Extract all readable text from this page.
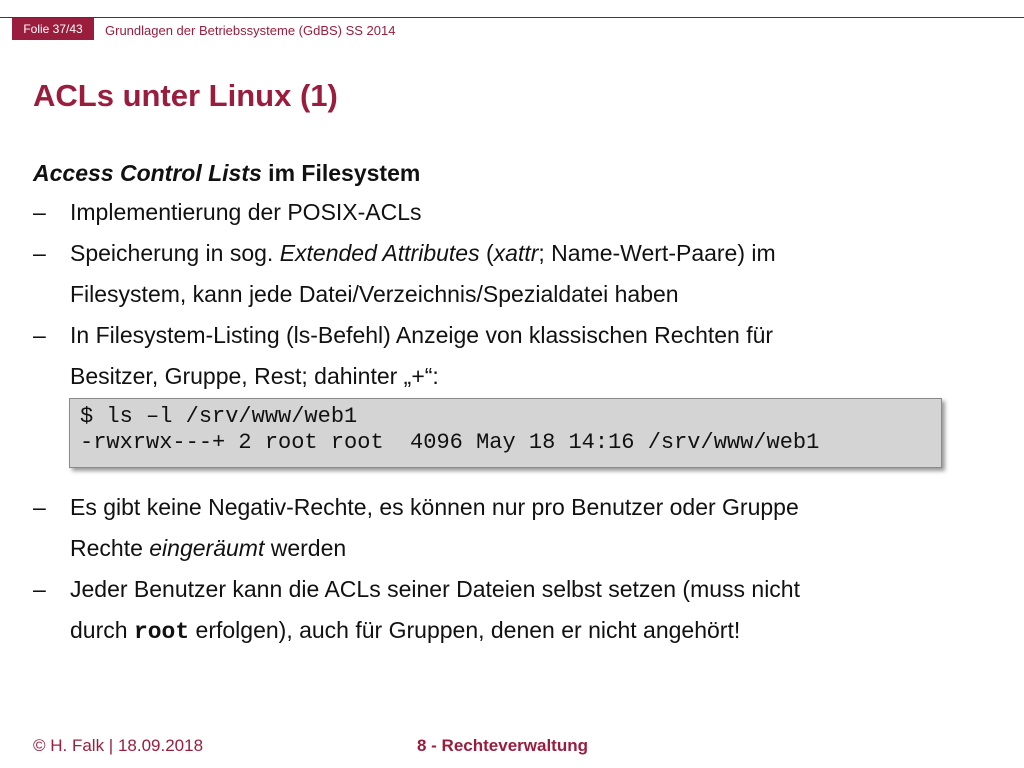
Folie 37/43	Grundlagen der Betriebssysteme (GdBS) SS 2014
ACLs unter Linux (1)
Access Control Lists im Filesystem
– Implementierung der POSIX-ACLs
– Speicherung in sog. Extended Attributes (xattr; Name-Wert-Paare) im
Filesystem, kann jede Datei/Verzeichnis/Spezialdatei haben
– In Filesystem-Listing (ls-Befehl) Anzeige von klassischen Rechten für
Besitzer, Gruppe, Rest; dahinter „+“:
$ ls –l /srv/www/web1
-rwxrwx---+ 2 root root  4096 May 18 14:16 /srv/www/web1
– Es gibt keine Negativ-Rechte, es können nur pro Benutzer oder Gruppe
Rechte eingeräumt werden
– Jeder Benutzer kann die ACLs seiner Dateien selbst setzen (muss nicht
durch root erfolgen), auch für Gruppen, denen er nicht angehört!
© H. Falk | 18.09.2018	8 - Rechteverwaltung
